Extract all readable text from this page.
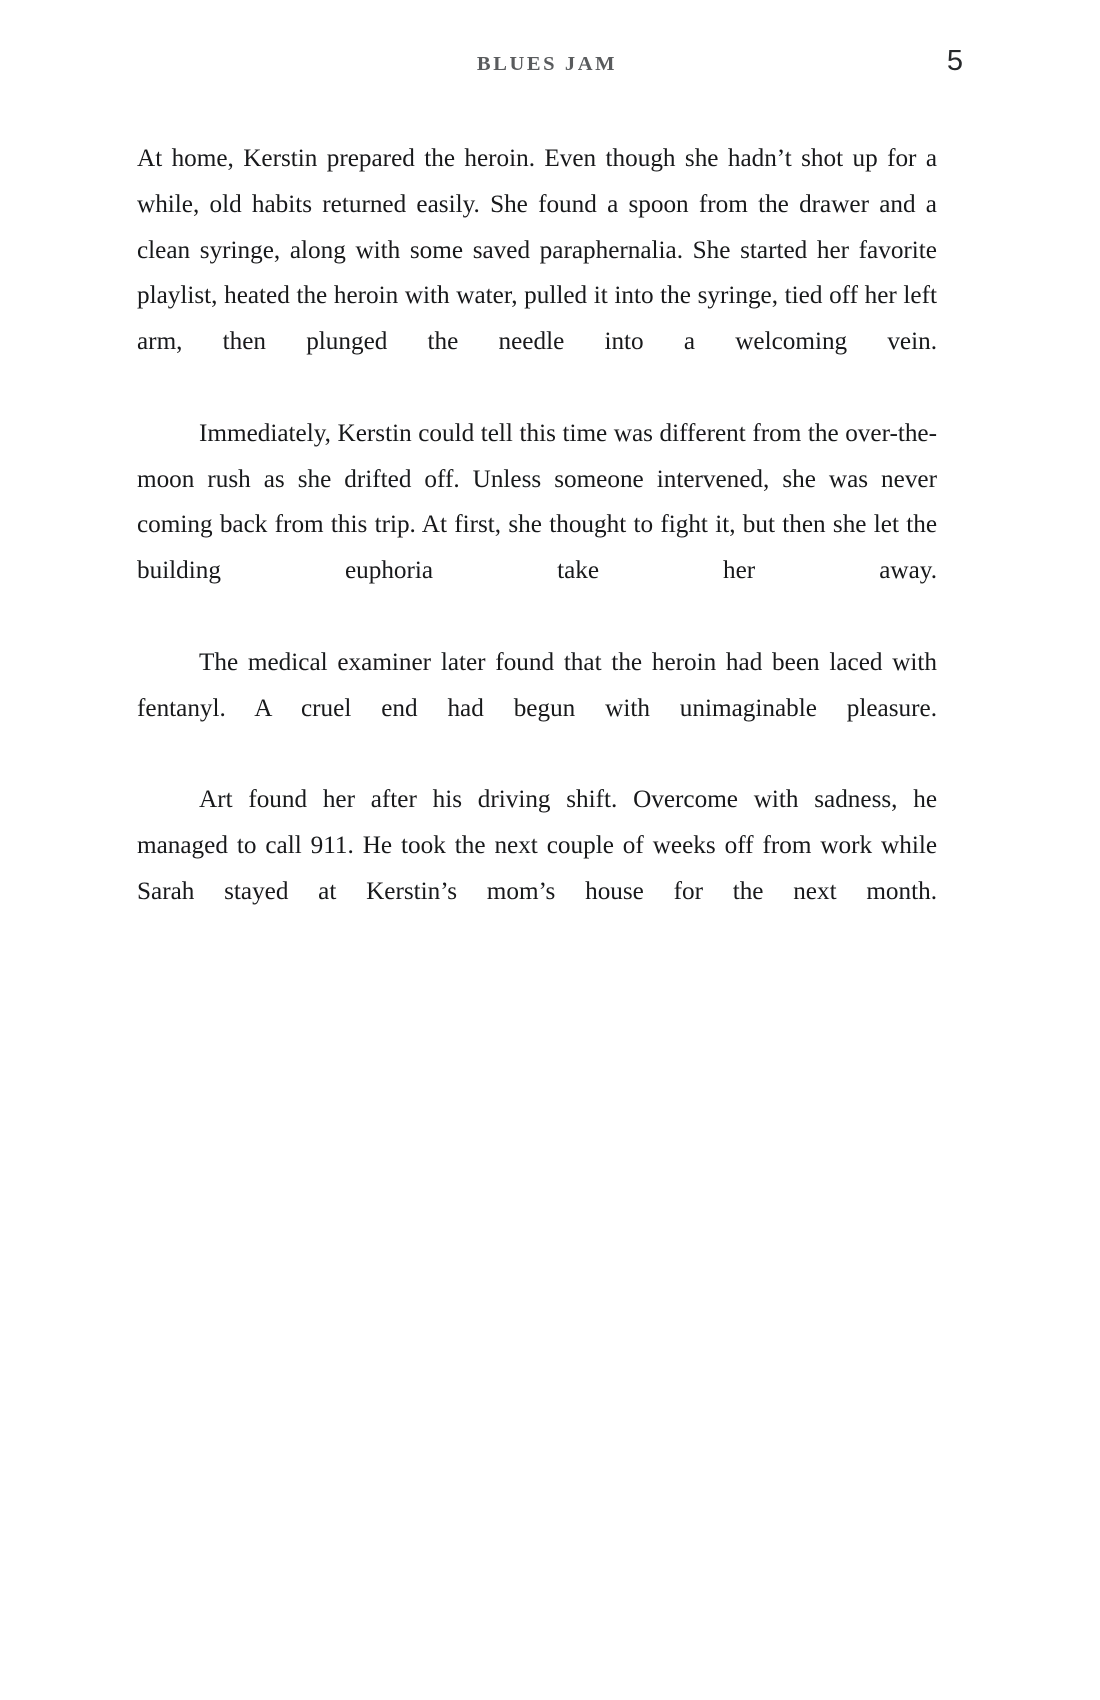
BLUES JAM	5

At home, Kerstin prepared the heroin. Even though she hadn’t shot up for a while, old habits returned easily. She found a spoon from the drawer and a clean syringe, along with some saved paraphernalia. She started her favorite playlist, heated the heroin with water, pulled it into the syringe, tied off her left arm, then plunged the needle into a welcoming vein.

Immediately, Kerstin could tell this time was different from the over-the-moon rush as she drifted off. Unless someone intervened, she was never coming back from this trip. At first, she thought to fight it, but then she let the building euphoria take her away.

The medical examiner later found that the heroin had been laced with fentanyl. A cruel end had begun with unimaginable pleasure.

Art found her after his driving shift. Overcome with sadness, he managed to call 911. He took the next couple of weeks off from work while Sarah stayed at Kerstin’s mom’s house for the next month.
